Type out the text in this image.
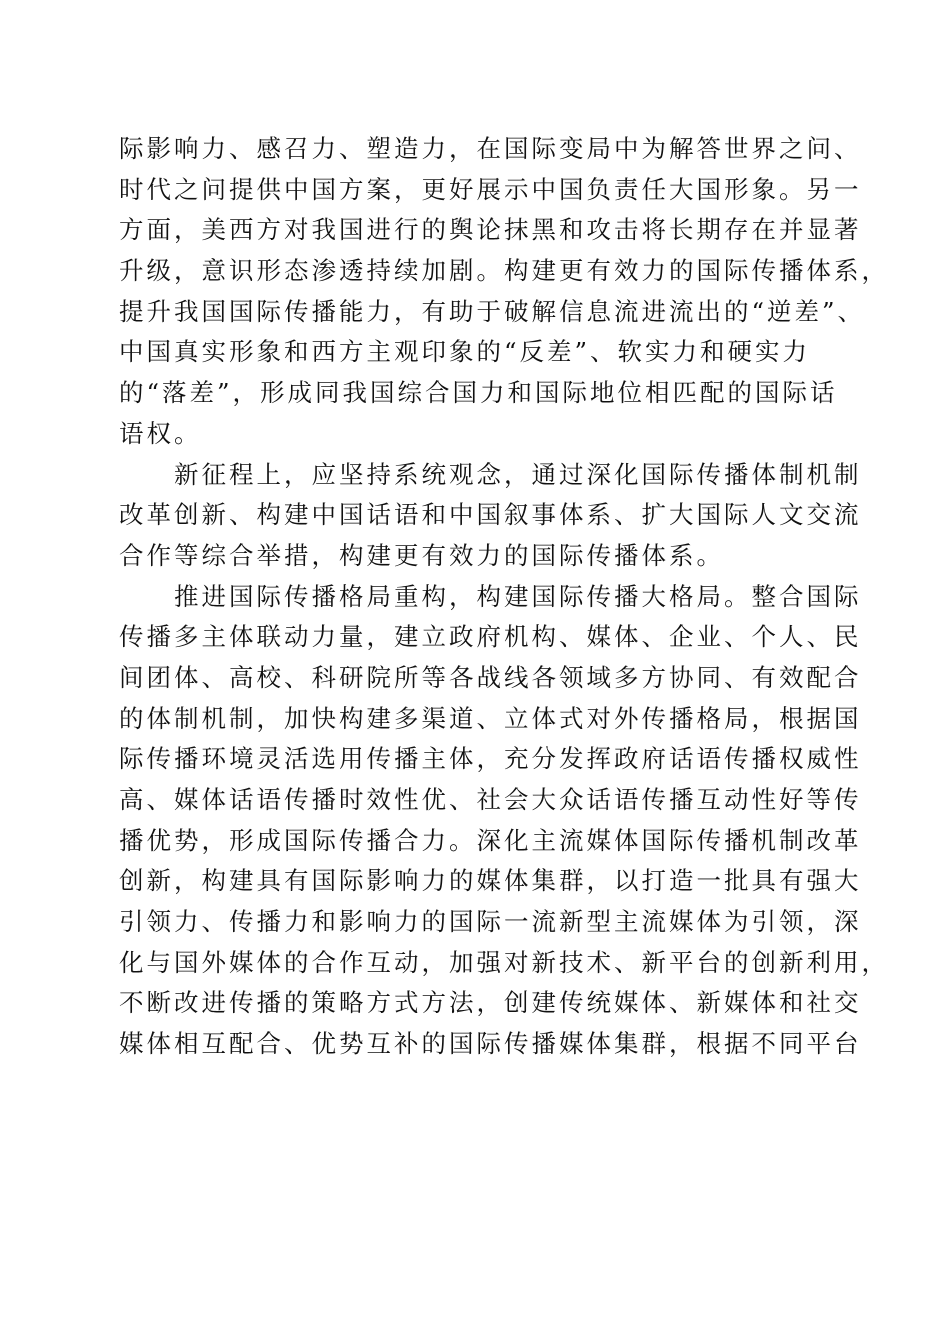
际影响力、感召力、塑造力，在国际变局中为解答世界之问、
时代之问提供中国方案，更好展示中国负责任大国形象。另一
方面，美西方对我国进行的舆论抹黑和攻击将长期存在并显著
升级，意识形态渗透持续加剧。构建更有效力的国际传播体系，
提升我国国际传播能力，有助于破解信息流进流出的“逆差”、
中国真实形象和西方主观印象的“反差”、软实力和硬实力
的“落差”，形成同我国综合国力和国际地位相匹配的国际话
语权。
　　新征程上，应坚持系统观念，通过深化国际传播体制机制
改革创新、构建中国话语和中国叙事体系、扩大国际人文交流
合作等综合举措，构建更有效力的国际传播体系。
　　推进国际传播格局重构，构建国际传播大格局。整合国际
传播多主体联动力量，建立政府机构、媒体、企业、个人、民
间团体、高校、科研院所等各战线各领域多方协同、有效配合
的体制机制，加快构建多渠道、立体式对外传播格局，根据国
际传播环境灵活选用传播主体，充分发挥政府话语传播权威性
高、媒体话语传播时效性优、社会大众话语传播互动性好等传
播优势，形成国际传播合力。深化主流媒体国际传播机制改革
创新，构建具有国际影响力的媒体集群，以打造一批具有强大
引领力、传播力和影响力的国际一流新型主流媒体为引领，深
化与国外媒体的合作互动，加强对新技术、新平台的创新利用，
不断改进传播的策略方式方法，创建传统媒体、新媒体和社交
媒体相互配合、优势互补的国际传播媒体集群，根据不同平台
